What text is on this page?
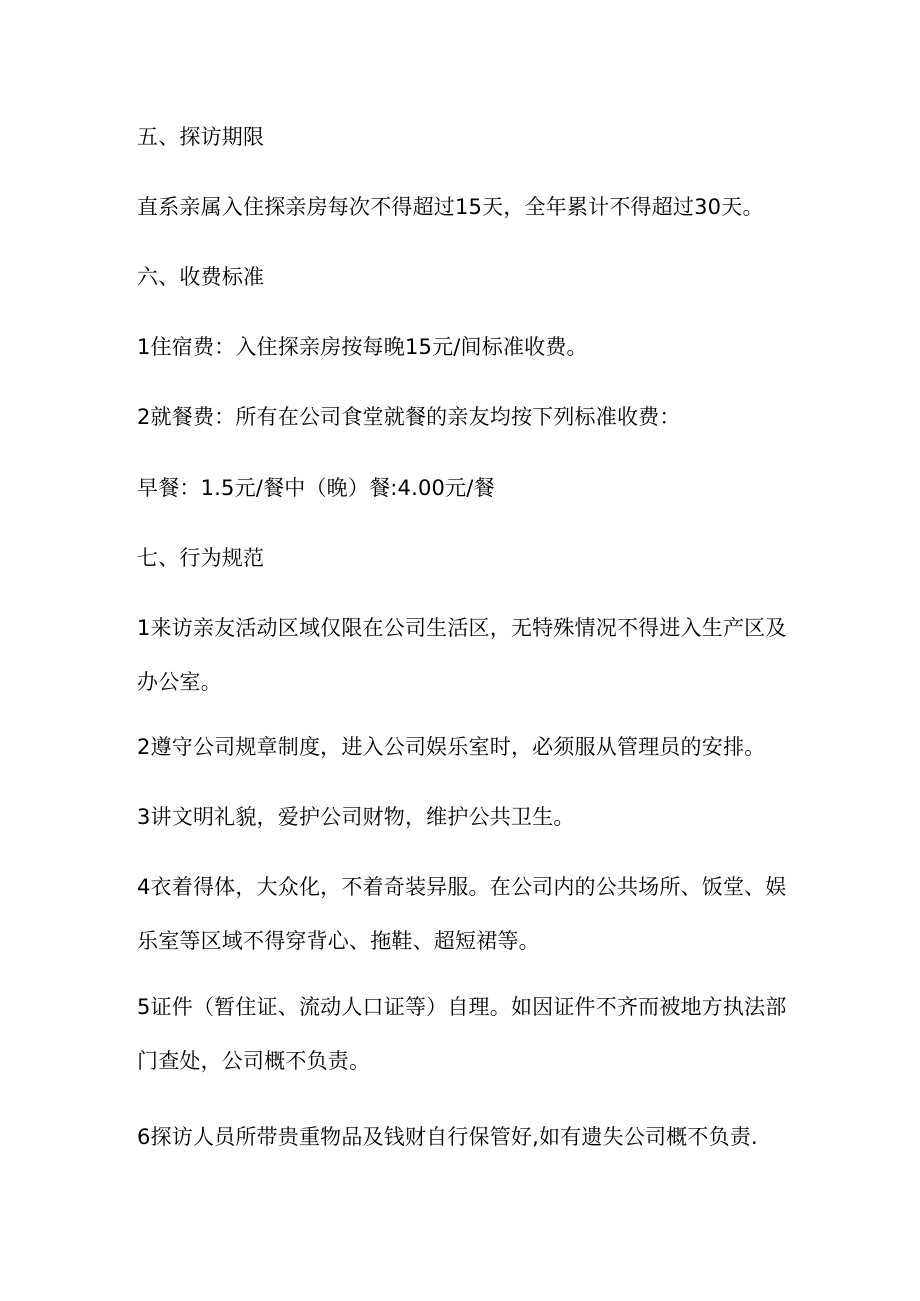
五、探访期限
直系亲属入住探亲房每次不得超过15天，全年累计不得超过30天。
六、收费标准
1住宿费：入住探亲房按每晚15元/间标准收费。
2就餐费：所有在公司食堂就餐的亲友均按下列标准收费：
早餐：1.5元/餐中（晚）餐:4.00元/餐
七、行为规范

1来访亲友活动区域仅限在公司生活区，无特殊情况不得进入生产区及办公室。

2遵守公司规章制度，进入公司娱乐室时，必须服从管理员的安排。
3讲文明礼貌，爱护公司财物，维护公共卫生。

4衣着得体，大众化，不着奇装异服。在公司内的公共场所、饭堂、娱乐室等区域不得穿背心、拖鞋、超短裙等。

5证件（暂住证、流动人口证等）自理。如因证件不齐而被地方执法部门查处，公司概不负责。

6探访人员所带贵重物品及钱财自行保管好,如有遗失公司概不负责.
